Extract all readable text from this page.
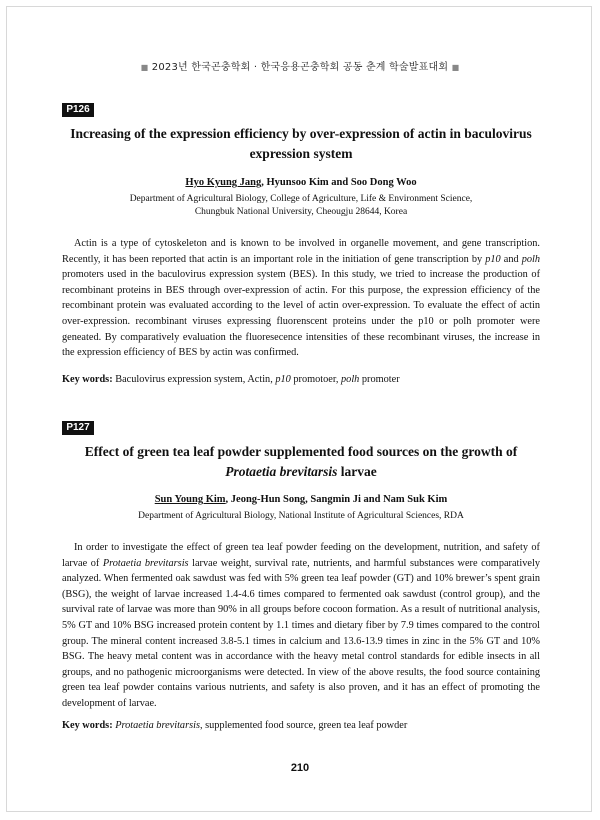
■ 2023년 한국곤충학회 · 한국응용곤충학회 공동 춘계 학술발표대회 ■
P126
Increasing of the expression efficiency by over-expression of actin in baculovirus
expression system
Hyo Kyung Jang, Hyunsoo Kim and Soo Dong Woo
Department of Agricultural Biology, College of Agriculture, Life & Environment Science,
Chungbuk National University, Cheougju 28644, Korea
Actin is a type of cytoskeleton and is known to be involved in organelle movement, and gene transcription. Recently, it has been reported that actin is an important role in the initiation of gene transcription by p10 and polh promoters used in the baculovirus expression system (BES). In this study, we tried to increase the production of recombinant proteins in BES through over-expression of actin. For this purpose, the expression efficiency of the recombinant protein was evaluated according to the level of actin over-expression. To evaluate the effect of actin over-expression. recombinant viruses expressing fluorenscent proteins under the p10 or polh promoter were geneated. By comparatively evaluation the fluoresecence intensities of these recombinant viruses, the increase in the expression efficiency of BES by actin was confirmed.
Key words: Baculovirus expression system, Actin, p10 promotoer, polh promoter
P127
Effect of green tea leaf powder supplemented food sources on the growth of
Protaetia brevitarsis larvae
Sun Young Kim, Jeong-Hun Song, Sangmin Ji and Nam Suk Kim
Department of Agricultural Biology, National Institute of Agricultural Sciences, RDA
In order to investigate the effect of green tea leaf powder feeding on the development, nutrition, and safety of larvae of Protaetia brevitarsis larvae weight, survival rate, nutrients, and harmful substances were comparatively analyzed. When fermented oak sawdust was fed with 5% green tea leaf powder (GT) and 10% brewer’s spent grain (BSG), the weight of larvae increased 1.4-4.6 times compared to fermented oak sawdust (control group), and the survival rate of larvae was more than 90% in all groups before cocoon formation. As a result of nutritional analysis, 5% GT and 10% BSG increased protein content by 1.1 times and dietary fiber by 7.9 times compared to the control group. The mineral content increased 3.8-5.1 times in calcium and 13.6-13.9 times in zinc in the 5% GT and 10% BSG. The heavy metal content was in accordance with the heavy metal control standards for edible insects in all groups, and no pathogenic microorganisms were detected. In view of the above results, the food source containing green tea leaf powder contains various nutrients, and safety is also proven, and it has an effect of promoting the development of larvae.
Key words: Protaetia brevitarsis, supplemented food source, green tea leaf powder
210
